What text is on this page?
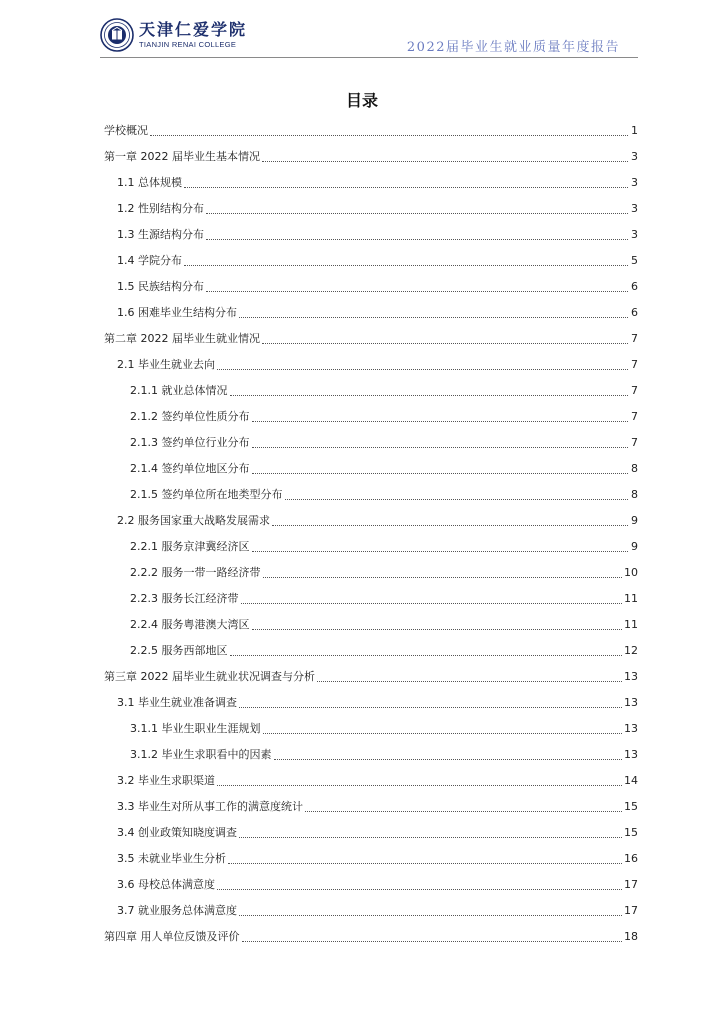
天津仁爱学院
TIANJIN RENAI COLLEGE	2022届毕业生就业质量年度报告
目录
学校概况	1
第一章 2022 届毕业生基本情况	3
1.1 总体规模	3
1.2 性别结构分布	3
1.3 生源结构分布	3
1.4 学院分布	5
1.5 民族结构分布	6
1.6 困难毕业生结构分布	6
第二章 2022 届毕业生就业情况	7
2.1 毕业生就业去向	7
2.1.1 就业总体情况	7
2.1.2 签约单位性质分布	7
2.1.3 签约单位行业分布	7
2.1.4 签约单位地区分布	8
2.1.5 签约单位所在地类型分布	8
2.2 服务国家重大战略发展需求	9
2.2.1 服务京津冀经济区	9
2.2.2 服务一带一路经济带	10
2.2.3 服务长江经济带	11
2.2.4 服务粤港澳大湾区	11
2.2.5 服务西部地区	12
第三章 2022 届毕业生就业状况调查与分析	13
3.1 毕业生就业准备调查	13
3.1.1 毕业生职业生涯规划	13
3.1.2 毕业生求职看中的因素	13
3.2 毕业生求职渠道	14
3.3 毕业生对所从事工作的满意度统计	15
3.4 创业政策知晓度调查	15
3.5 未就业毕业生分析	16
3.6 母校总体满意度	17
3.7 就业服务总体满意度	17
第四章 用人单位反馈及评价	18
